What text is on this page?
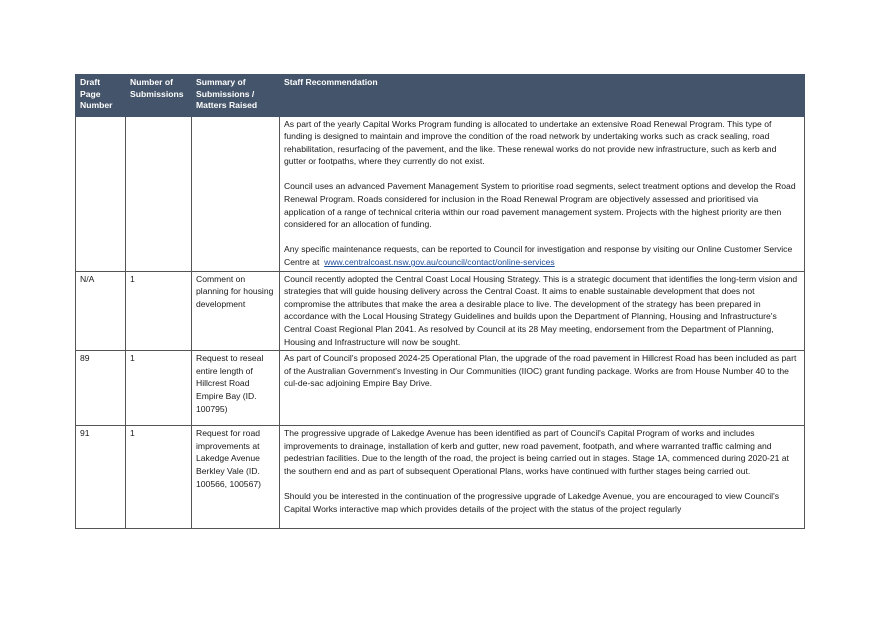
Draft Page Number	Number of Submissions	Summary of Submissions / Matters Raised	Staff Recommendation

			As part of the yearly Capital Works Program funding is allocated to undertake an extensive Road Renewal Program. This type of funding is designed to maintain and improve the condition of the road network by undertaking works such as crack sealing, road rehabilitation, resurfacing of the pavement, and the like. These renewal works do not provide new infrastructure, such as kerb and gutter or footpaths, where they currently do not exist.

Council uses an advanced Pavement Management System to prioritise road segments, select treatment options and develop the Road Renewal Program. Roads considered for inclusion in the Road Renewal Program are objectively assessed and prioritised via application of a range of technical criteria within our road pavement management system. Projects with the highest priority are then considered for an allocation of funding.

Any specific maintenance requests, can be reported to Council for investigation and response by visiting our Online Customer Service Centre at www.centralcoast.nsw.gov.au/council/contact/online-services

N/A	1	Comment on planning for housing development	Council recently adopted the Central Coast Local Housing Strategy. This is a strategic document that identifies the long-term vision and strategies that will guide housing delivery across the Central Coast. It aims to enable sustainable development that does not compromise the attributes that make the area a desirable place to live. The development of the strategy has been prepared in accordance with the Local Housing Strategy Guidelines and builds upon the Department of Planning, Housing and Infrastructure's Central Coast Regional Plan 2041. As resolved by Council at its 28 May meeting, endorsement from the Department of Planning, Housing and Infrastructure will now be sought.

89	1	Request to reseal entire length of Hillcrest Road Empire Bay (ID. 100795)	As part of Council's proposed 2024-25 Operational Plan, the upgrade of the road pavement in Hillcrest Road has been included as part of the Australian Government's Investing in Our Communities (IIOC) grant funding package. Works are from House Number 40 to the cul-de-sac adjoining Empire Bay Drive.

91	1	Request for road improvements at Lakedge Avenue Berkley Vale (ID. 100566, 100567)	The progressive upgrade of Lakedge Avenue has been identified as part of Council's Capital Program of works and includes improvements to drainage, installation of kerb and gutter, new road pavement, footpath, and where warranted traffic calming and pedestrian facilities. Due to the length of the road, the project is being carried out in stages. Stage 1A, commenced during 2020-21 at the southern end and as part of subsequent Operational Plans, works have continued with further stages being carried out.

Should you be interested in the continuation of the progressive upgrade of Lakedge Avenue, you are encouraged to view Council's Capital Works interactive map which provides details of the project with the status of the project regularly
